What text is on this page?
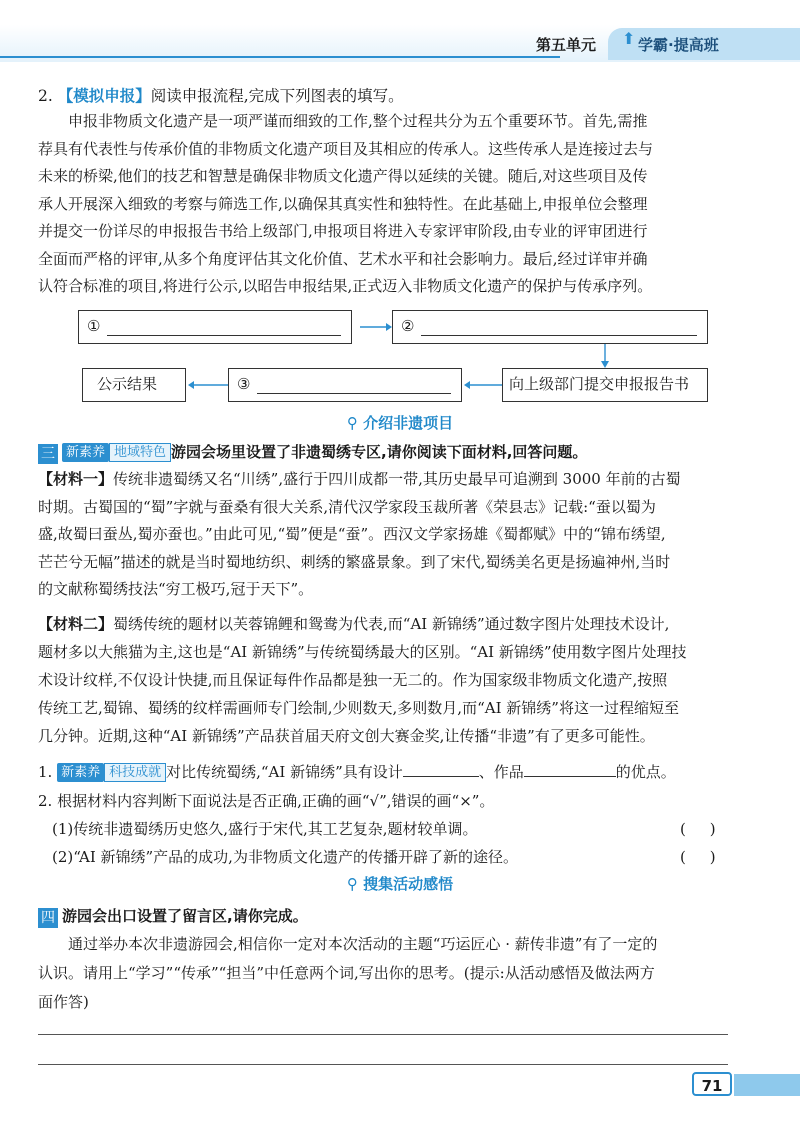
第五单元 ⬆ 学霸·提高班
2. 【模拟申报】阅读申报流程,完成下列图表的填写。
申报非物质文化遗产是一项严谨而细致的工作,整个过程共分为五个重要环节。首先,需推
荐具有代表性与传承价值的非物质文化遗产项目及其相应的传承人。这些传承人是连接过去与
未来的桥梁,他们的技艺和智慧是确保非物质文化遗产得以延续的关键。随后,对这些项目及传
承人开展深入细致的考察与筛选工作,以确保其真实性和独特性。在此基础上,申报单位会整理
并提交一份详尽的申报报告书给上级部门,申报项目将进入专家评审阶段,由专业的评审团进行
全面而严格的评审,从多个角度评估其文化价值、艺术水平和社会影响力。最后,经过详审并确
认符合标准的项目,将进行公示,以昭告申报结果,正式迈入非物质文化遗产的保护与传承序列。
①	②
向上级部门提交申报报告书
③
公示结果
⚲ 介绍非遗项目
三 新素养 地域特色 游园会场里设置了非遗蜀绣专区,请你阅读下面材料,回答问题。
【材料一】传统非遗蜀绣又名“川绣”,盛行于四川成都一带,其历史最早可追溯到 3000 年前的古蜀
时期。古蜀国的“蜀”字就与蚕桑有很大关系,清代汉学家段玉裁所著《荣县志》记载:“蚕以蜀为
盛,故蜀曰蚕丛,蜀亦蚕也。”由此可见,“蜀”便是“蚕”。西汉文学家扬雄《蜀都赋》中的“锦布绣望,
芒芒兮无幅”描述的就是当时蜀地纺织、刺绣的繁盛景象。到了宋代,蜀绣美名更是扬遍神州,当时
的文献称蜀绣技法“穷工极巧,冠于天下”。
【材料二】蜀绣传统的题材以芙蓉锦鲤和鸳鸯为代表,而“AI 新锦绣”通过数字图片处理技术设计,
题材多以大熊猫为主,这也是“AI 新锦绣”与传统蜀绣最大的区别。“AI 新锦绣”使用数字图片处理技
术设计纹样,不仅设计快捷,而且保证每件作品都是独一无二的。作为国家级非物质文化遗产,按照
传统工艺,蜀锦、蜀绣的纹样需画师专门绘制,少则数天,多则数月,而“AI 新锦绣”将这一过程缩短至
几分钟。近期,这种“AI 新锦绣”产品获首届天府文创大赛金奖,让传播“非遗”有了更多可能性。
1. 新素养 科技成就 对比传统蜀绣,“AI 新锦绣”具有设计	、作品	的优点。
2. 根据材料内容判断下面说法是否正确,正确的画“√”,错误的画“×”。
(1)传统非遗蜀绣历史悠久,盛行于宋代,其工艺复杂,题材较单调。	(     )
(2)“AI 新锦绣”产品的成功,为非物质文化遗产的传播开辟了新的途径。	(     )
⚲ 搜集活动感悟
四 游园会出口设置了留言区,请你完成。
通过举办本次非遗游园会,相信你一定对本次活动的主题“巧运匠心 · 薪传非遗”有了一定的
认识。请用上“学习”“传承”“担当”中任意两个词,写出你的思考。(提示:从活动感悟及做法两方
面作答)
71
